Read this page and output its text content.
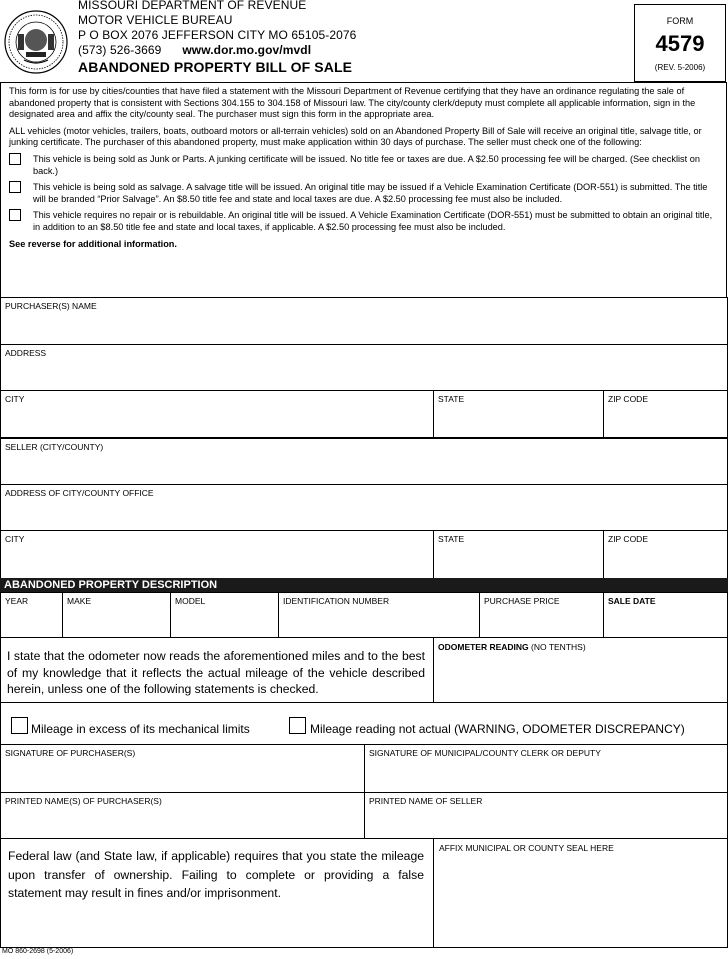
MISSOURI DEPARTMENT OF REVENUE
MOTOR VEHICLE BUREAU
P O BOX 2076 JEFFERSON CITY MO 65105-2076
(573) 526-3669 www.dor.mo.gov/mvdl
ABANDONED PROPERTY BILL OF SALE
FORM
4579
(REV. 5-2006)

This form is for use by cities/counties that have filed a statement with the Missouri Department of Revenue certifying that they have an ordinance regulating the sale of abandoned property that is consistent with Sections 304.155 to 304.158 of Missouri law. The city/county clerk/deputy must complete all applicable information, sign in the designated area and affix the city/county seal. The purchaser must sign this form in the appropriate area.

ALL vehicles (motor vehicles, trailers, boats, outboard motors or all-terrain vehicles) sold on an Abandoned Property Bill of Sale will receive an original title, salvage title, or junking certificate. The purchaser of this abandoned property, must make application within 30 days of purchase. The seller must check one of the following:

This vehicle is being sold as Junk or Parts. A junking certificate will be issued. No title fee or taxes are due. A $2.50 processing fee will be charged. (See checklist on back.)
This vehicle is being sold as salvage. A salvage title will be issued. An original title may be issued if a Vehicle Examination Certificate (DOR-551) is submitted. The title will be branded “Prior Salvage”. An $8.50 title fee and state and local taxes are due. A $2.50 processing fee must also be included.
This vehicle requires no repair or is rebuildable. An original title will be issued. A Vehicle Examination Certificate (DOR-551) must be submitted to obtain an original title, in addition to an $8.50 title fee and state and local taxes, if applicable. A $2.50 processing fee must also be included.
See reverse for additional information.
PURCHASER(S) NAME
ADDRESS
CITY	STATE	ZIP CODE
SELLER (CITY/COUNTY)
ADDRESS OF CITY/COUNTY OFFICE
CITY	STATE	ZIP CODE
ABANDONED PROPERTY DESCRIPTION
YEAR	MAKE	MODEL	IDENTIFICATION NUMBER	PURCHASE PRICE	SALE DATE
I state that the odometer now reads the aforementioned miles and to the best of my knowledge that it reflects the actual mileage of the vehicle described herein, unless one of the following statements is checked.
ODOMETER READING (NO TENTHS)
Mileage in excess of its mechanical limits	Mileage reading not actual (WARNING, ODOMETER DISCREPANCY)
SIGNATURE OF PURCHASER(S)	SIGNATURE OF MUNICIPAL/COUNTY CLERK OR DEPUTY
PRINTED NAME(S) OF PURCHASER(S)	PRINTED NAME OF SELLER
Federal law (and State law, if applicable) requires that you state the mileage upon transfer of ownership. Failing to complete or providing a false statement may result in fines and/or imprisonment.
AFFIX MUNICIPAL OR COUNTY SEAL HERE
MO 860-2698 (5-2006)
